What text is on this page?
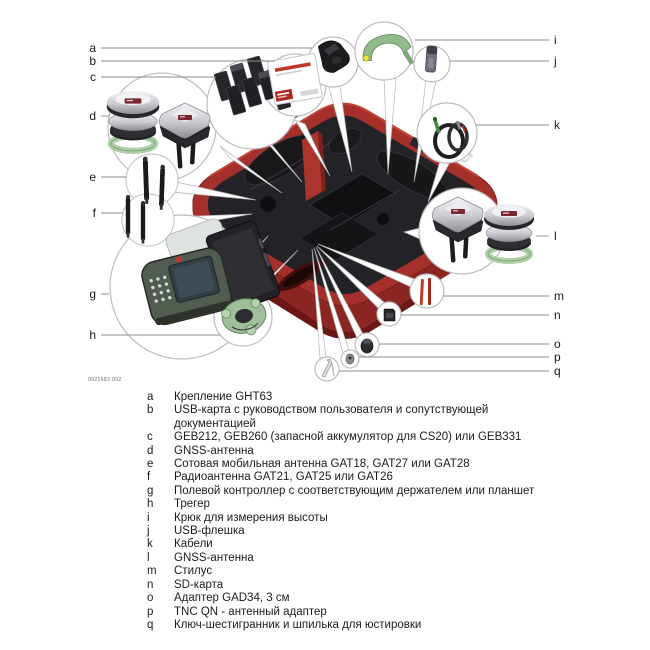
a
b
c
d
e
f
g
h
i
j
k
l
m
n
o
p
q
0021683 002
a	Крепление GHT63
b	USB-карта с руководством пользователя и сопутствующей
документацией
c	GEB212, GEB260 (запасной аккумулятор для CS20) или GEB331
d	GNSS-антенна
e	Сотовая мобильная антенна GAT18, GAT27 или GAT28
f	Радиоантенна GAT21, GAT25 или GAT26
g	Полевой контроллер с соответствующим держателем или планшет
h	Трегер
i	Крюк для измерения высоты
j	USB-флешка
k	Кабели
l	GNSS-антенна
m	Стилус
n	SD-карта
o	Адаптер GAD34, 3 см
p	TNC QN - антенный адаптер
q	Ключ-шестигранник и шпилька для юстировки
